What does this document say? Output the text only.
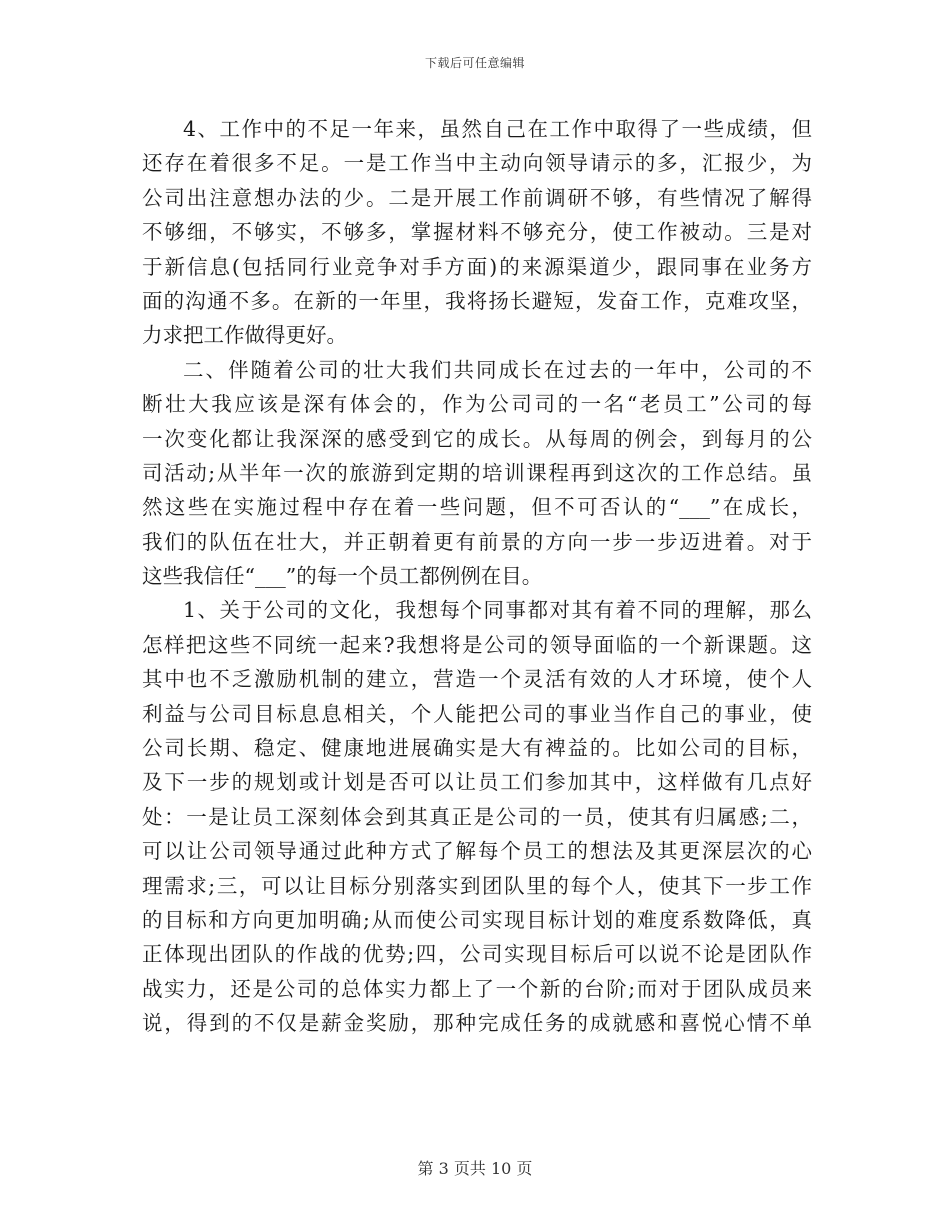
下载后可任意编辑
4、工作中的不足一年来，虽然自己在工作中取得了一些成绩，但
还存在着很多不足。一是工作当中主动向领导请示的多，汇报少，为
公司出注意想办法的少。二是开展工作前调研不够，有些情况了解得
不够细，不够实，不够多，掌握材料不够充分，使工作被动。三是对
于新信息(包括同行业竞争对手方面)的来源渠道少，跟同事在业务方
面的沟通不多。在新的一年里，我将扬长避短，发奋工作，克难攻坚，
力求把工作做得更好。
二、伴随着公司的壮大我们共同成长在过去的一年中，公司的不
断壮大我应该是深有体会的，作为公司司的一名“老员工”公司的每
一次变化都让我深深的感受到它的成长。从每周的例会，到每月的公
司活动;从半年一次的旅游到定期的培训课程再到这次的工作总结。虽
然这些在实施过程中存在着一些问题，但不可否认的“___”在成长，
我们的队伍在壮大，并正朝着更有前景的方向一步一步迈进着。对于
这些我信任“___”的每一个员工都例例在目。
1、关于公司的文化，我想每个同事都对其有着不同的理解，那么
怎样把这些不同统一起来?我想将是公司的领导面临的一个新课题。这
其中也不乏激励机制的建立，营造一个灵活有效的人才环境，使个人
利益与公司目标息息相关，个人能把公司的事业当作自己的事业，使
公司长期、稳定、健康地进展确实是大有裨益的。比如公司的目标，
及下一步的规划或计划是否可以让员工们参加其中，这样做有几点好
处：一是让员工深刻体会到其真正是公司的一员，使其有归属感;二，
可以让公司领导通过此种方式了解每个员工的想法及其更深层次的心
理需求;三，可以让目标分别落实到团队里的每个人，使其下一步工作
的目标和方向更加明确;从而使公司实现目标计划的难度系数降低，真
正体现出团队的作战的优势;四，公司实现目标后可以说不论是团队作
战实力，还是公司的总体实力都上了一个新的台阶;而对于团队成员来
说，得到的不仅是薪金奖励，那种完成任务的成就感和喜悦心情不单
第 3 页共 10 页
